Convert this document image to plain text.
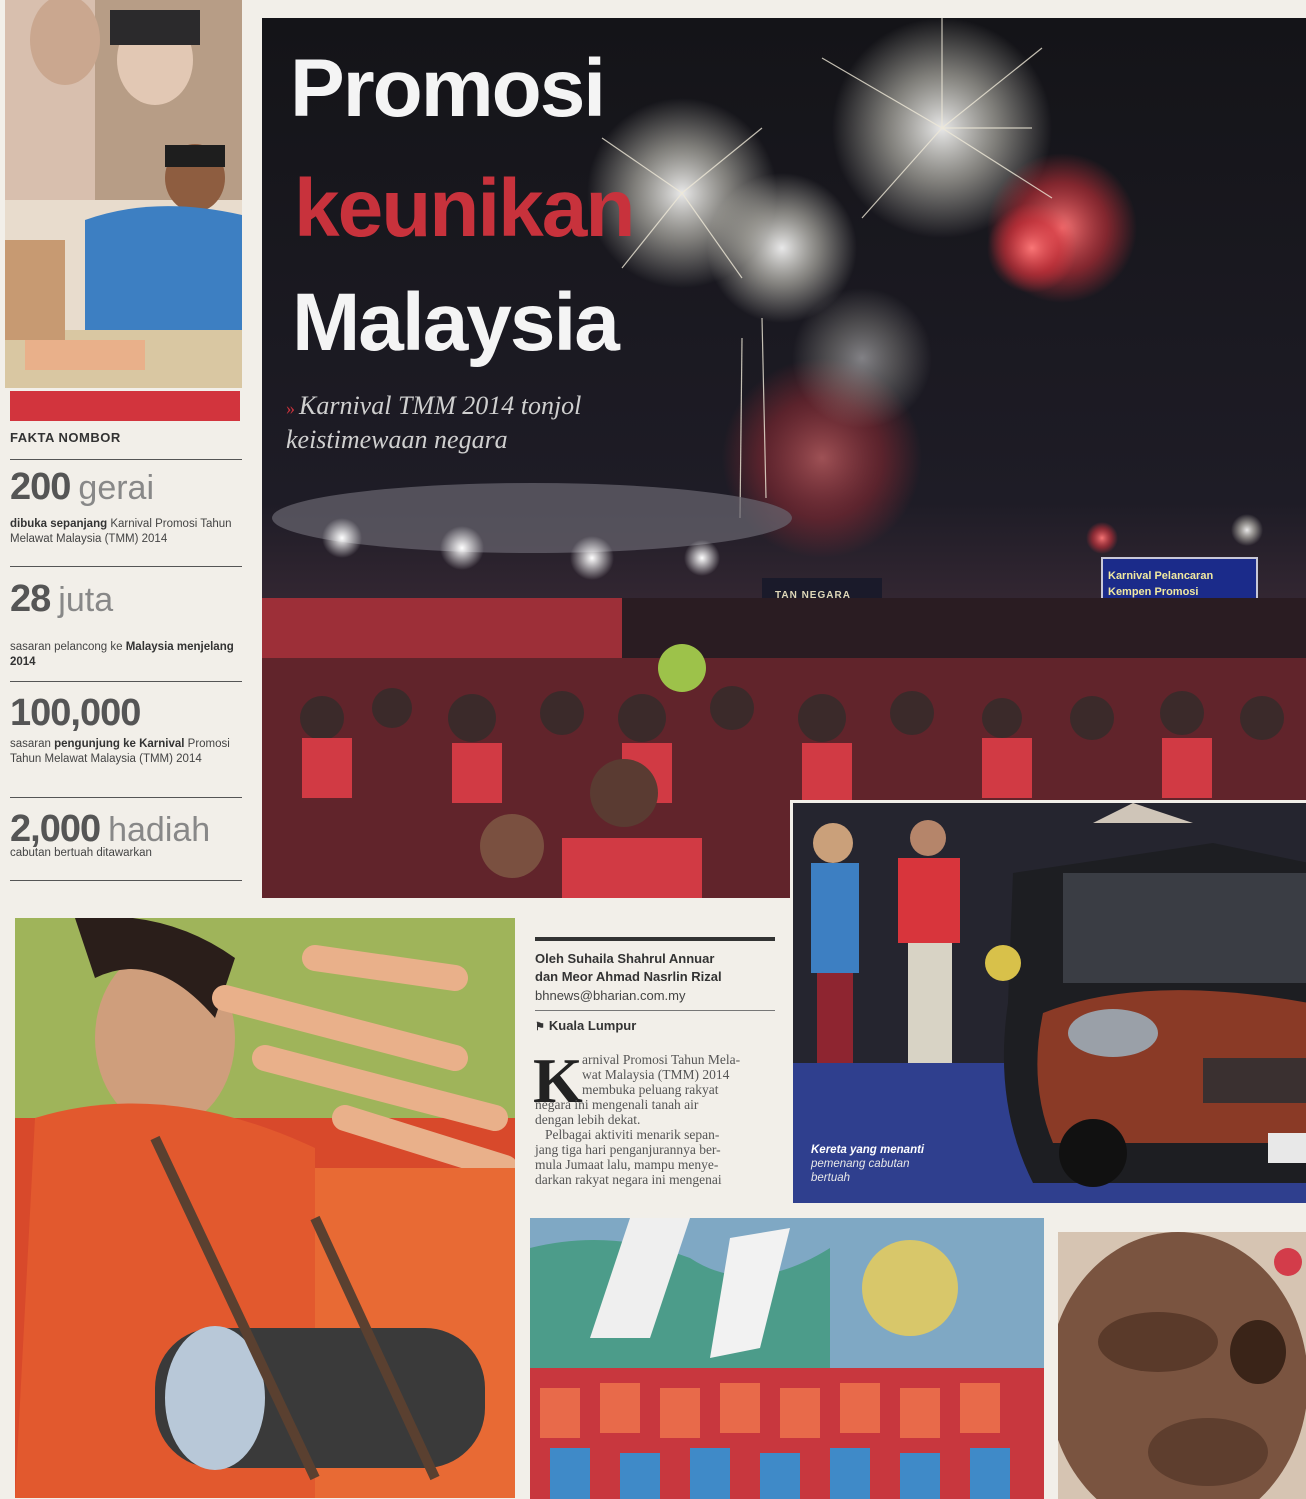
FAKTA NOMBOR
200 gerai
dibuka sepanjang Karnival Promosi Tahun Melawat Malaysia (TMM) 2014
28 juta
sasaran pelancong ke Malaysia menjelang 2014
100,000
sasaran pengunjung ke Karnival Promosi Tahun Melawat Malaysia (TMM) 2014
2,000 hadiah
cabutan bertuah ditawarkan
TAN NEGARA
Karnival Pelancaran
Kempen Promosi
Promosi
keunikan
Malaysia
» Karnival TMM 2014 tonjol
keistimewaan negara
Kereta yang menanti pemenang cabutan bertuah
Oleh Suhaila Shahrul Annuar
dan Meor Ahmad Nasrlin Rizal
bhnews@bharian.com.my
⚑ Kuala Lumpur
K arnival Promosi Tahun Mela-
wat Malaysia (TMM) 2014
membuka peluang rakyat
negara ini mengenali tanah air
dengan lebih dekat.
Pelbagai aktiviti menarik sepan-
jang tiga hari penganjurannya ber-
mula Jumaat lalu, mampu menye-
darkan rakyat negara ini mengenai
